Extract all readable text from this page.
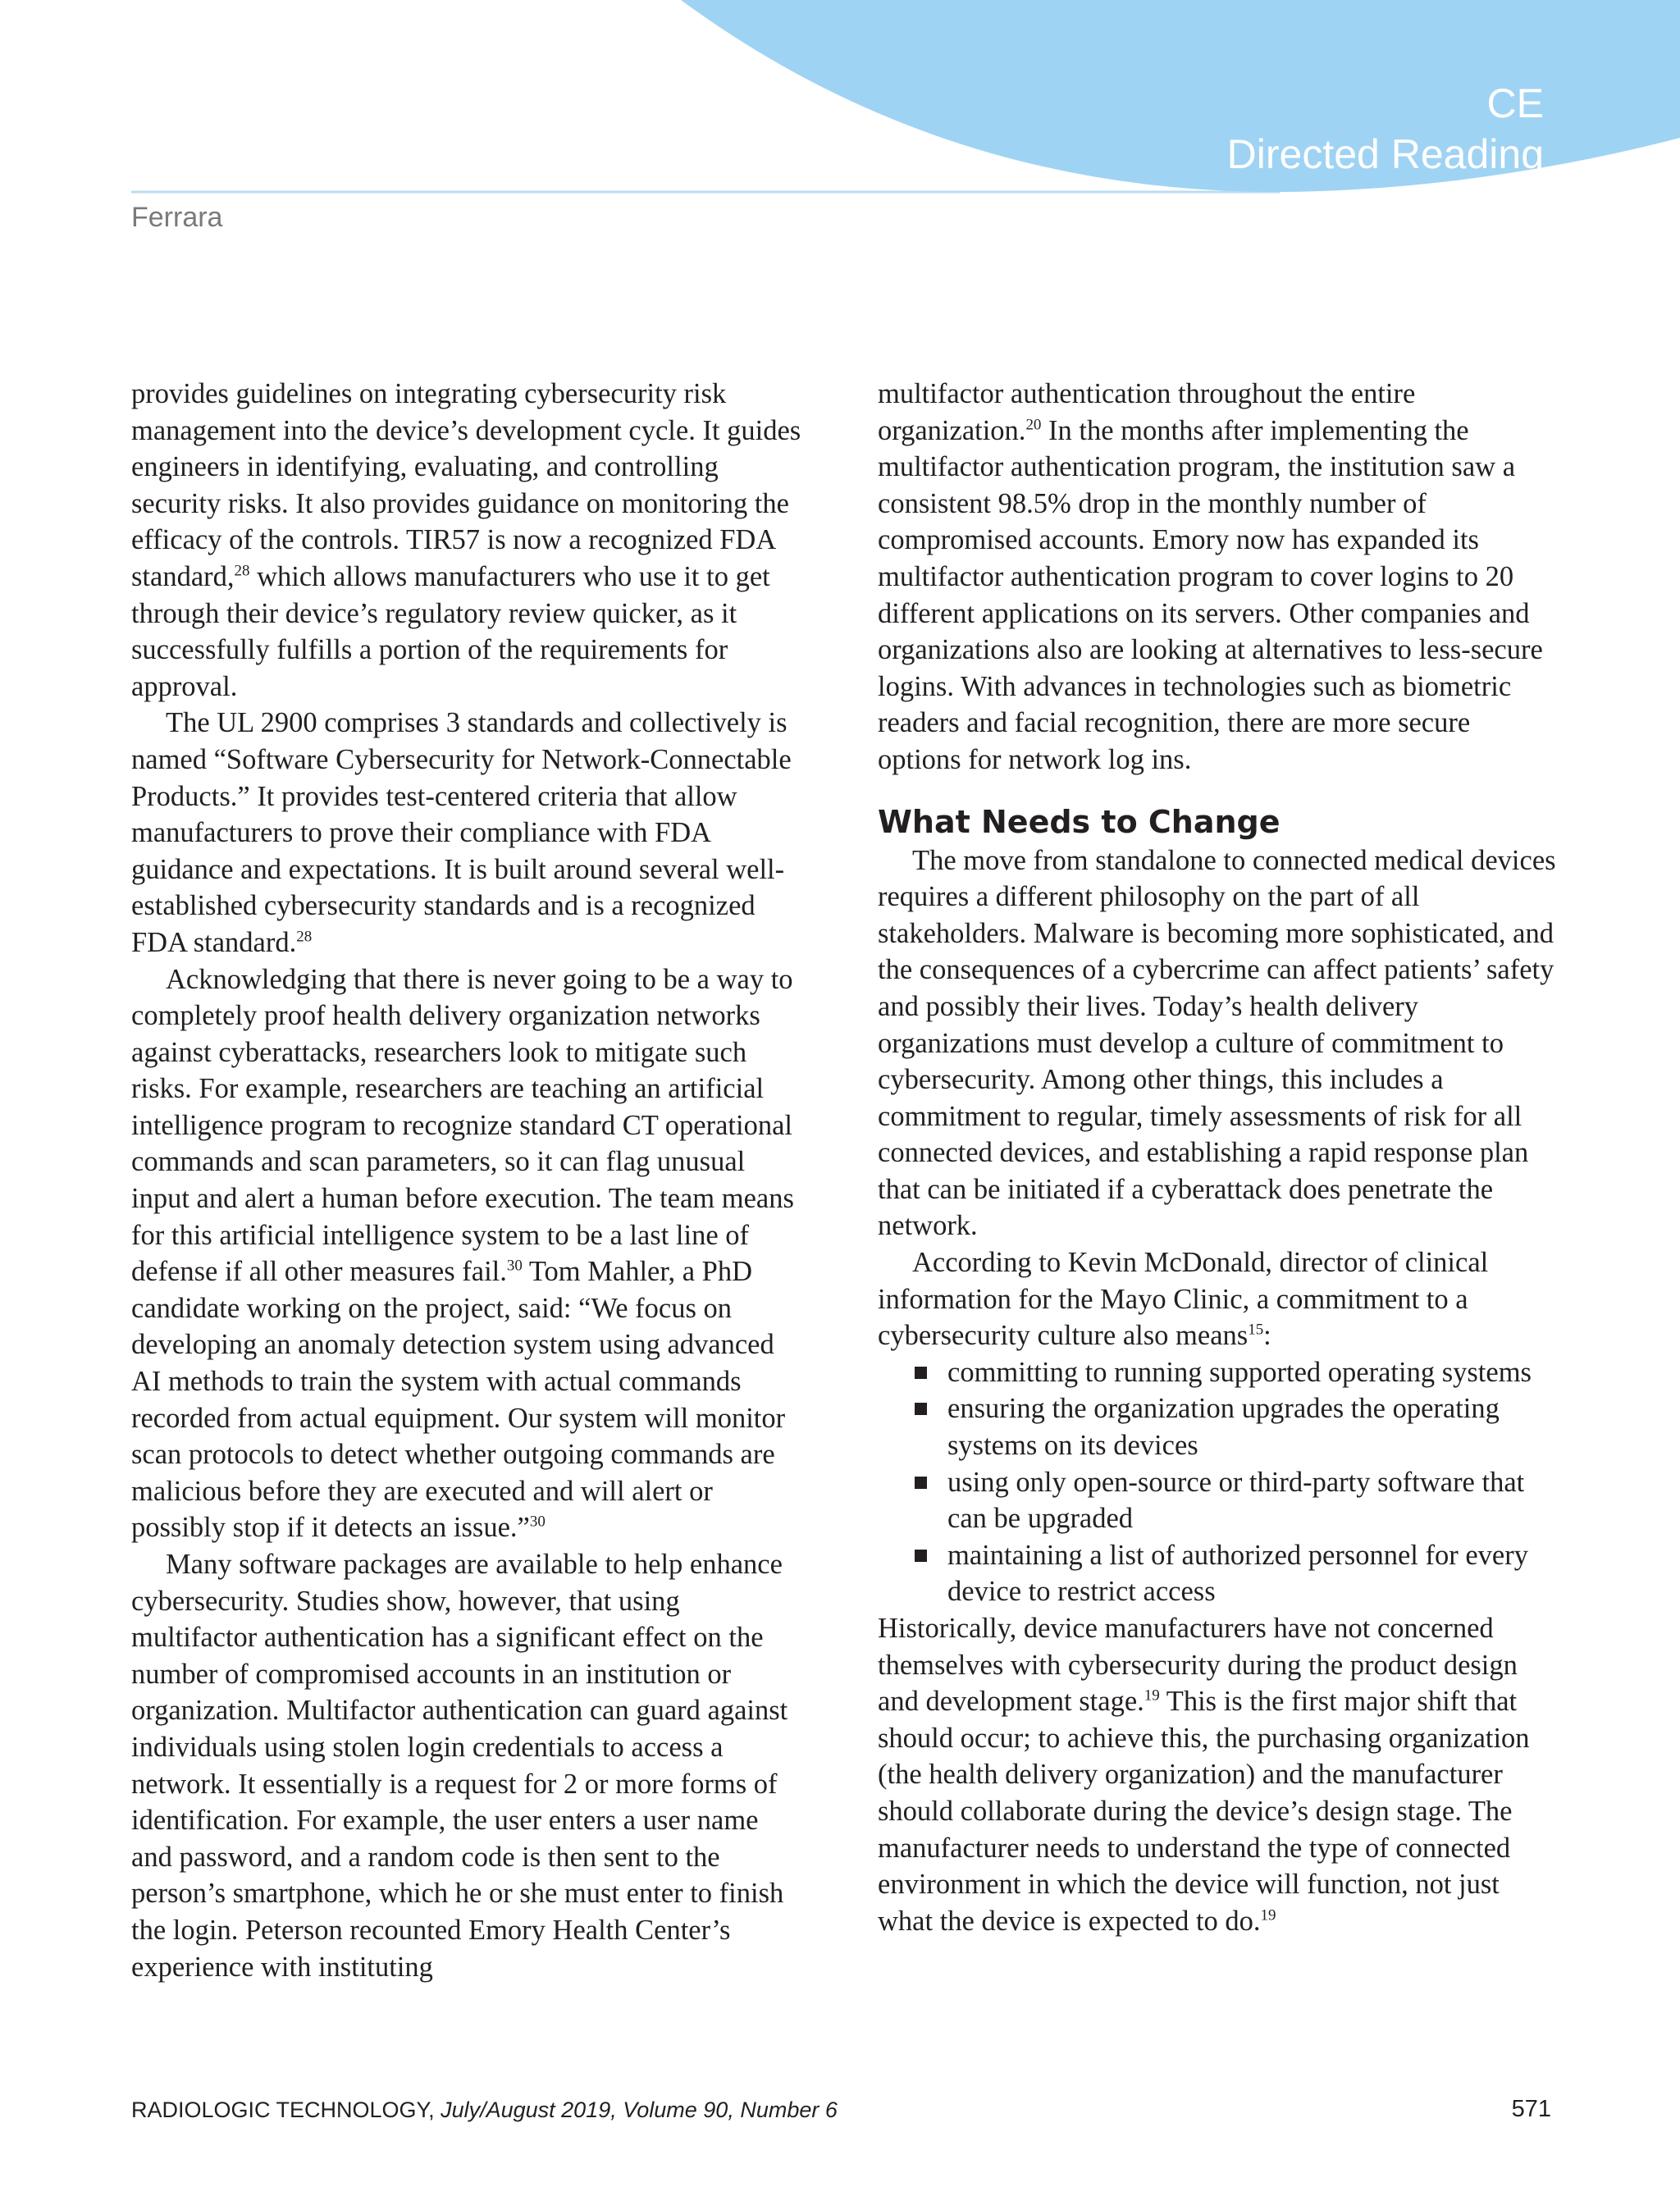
CE
Directed Reading
Ferrara

provides guidelines on integrating cybersecurity risk management into the device’s development cycle. It guides engineers in identifying, evaluating, and controlling security risks. It also provides guidance on monitoring the efficacy of the controls. TIR57 is now a recognized FDA standard,$^{28}$ which allows manufacturers who use it to get through their device’s regulatory review quicker, as it successfully fulfills a portion of the requirements for approval.

The UL 2900 comprises 3 standards and collectively is named “Software Cybersecurity for Network-Connectable Products.” It provides test-centered criteria that allow manufacturers to prove their compliance with FDA guidance and expectations. It is built around several well-established cybersecurity standards and is a recognized FDA standard.$^{28}$

Acknowledging that there is never going to be a way to completely proof health delivery organization networks against cyberattacks, researchers look to mitigate such risks. For example, researchers are teaching an artificial intelligence program to recognize standard CT operational commands and scan parameters, so it can flag unusual input and alert a human before execution. The team means for this artificial intelligence system to be a last line of defense if all other measures fail.$^{30}$ Tom Mahler, a PhD candidate working on the project, said: “We focus on developing an anomaly detection system using advanced AI methods to train the system with actual commands recorded from actual equipment. Our system will monitor scan protocols to detect whether outgoing commands are malicious before they are executed and will alert or possibly stop if it detects an issue.”$^{30}$

Many software packages are available to help enhance cybersecurity. Studies show, however, that using multifactor authentication has a significant effect on the number of compromised accounts in an institution or organization. Multifactor authentication can guard against individuals using stolen login credentials to access a network. It essentially is a request for 2 or more forms of identification. For example, the user enters a user name and password, and a random code is then sent to the person’s smartphone, which he or she must enter to finish the login. Peterson recounted Emory Health Center’s experience with instituting

multifactor authentication throughout the entire organization.$^{20}$ In the months after implementing the multifactor authentication program, the institution saw a consistent 98.5% drop in the monthly number of compromised accounts. Emory now has expanded its multifactor authentication program to cover logins to 20 different applications on its servers. Other companies and organizations also are looking at alternatives to less-secure logins. With advances in technologies such as biometric readers and facial recognition, there are more secure options for network log ins.

What Needs to Change

The move from standalone to connected medical devices requires a different philosophy on the part of all stakeholders. Malware is becoming more sophisticated, and the consequences of a cybercrime can affect patients’ safety and possibly their lives. Today’s health delivery organizations must develop a culture of commitment to cybersecurity. Among other things, this includes a commitment to regular, timely assessments of risk for all connected devices, and establishing a rapid response plan that can be initiated if a cyberattack does penetrate the network.

According to Kevin McDonald, director of clinical information for the Mayo Clinic, a commitment to a cybersecurity culture also means$^{15}$:

committing to running supported operating systems
ensuring the organization upgrades the operating systems on its devices
using only open-source or third-party software that can be upgraded
maintaining a list of authorized personnel for every device to restrict access

Historically, device manufacturers have not concerned themselves with cybersecurity during the product design and development stage.$^{19}$ This is the first major shift that should occur; to achieve this, the purchasing organization (the health delivery organization) and the manufacturer should collaborate during the device’s design stage. The manufacturer needs to understand the type of connected environment in which the device will function, not just what the device is expected to do.$^{19}$

RADIOLOGIC TECHNOLOGY, July/August 2019, Volume 90, Number 6	571
